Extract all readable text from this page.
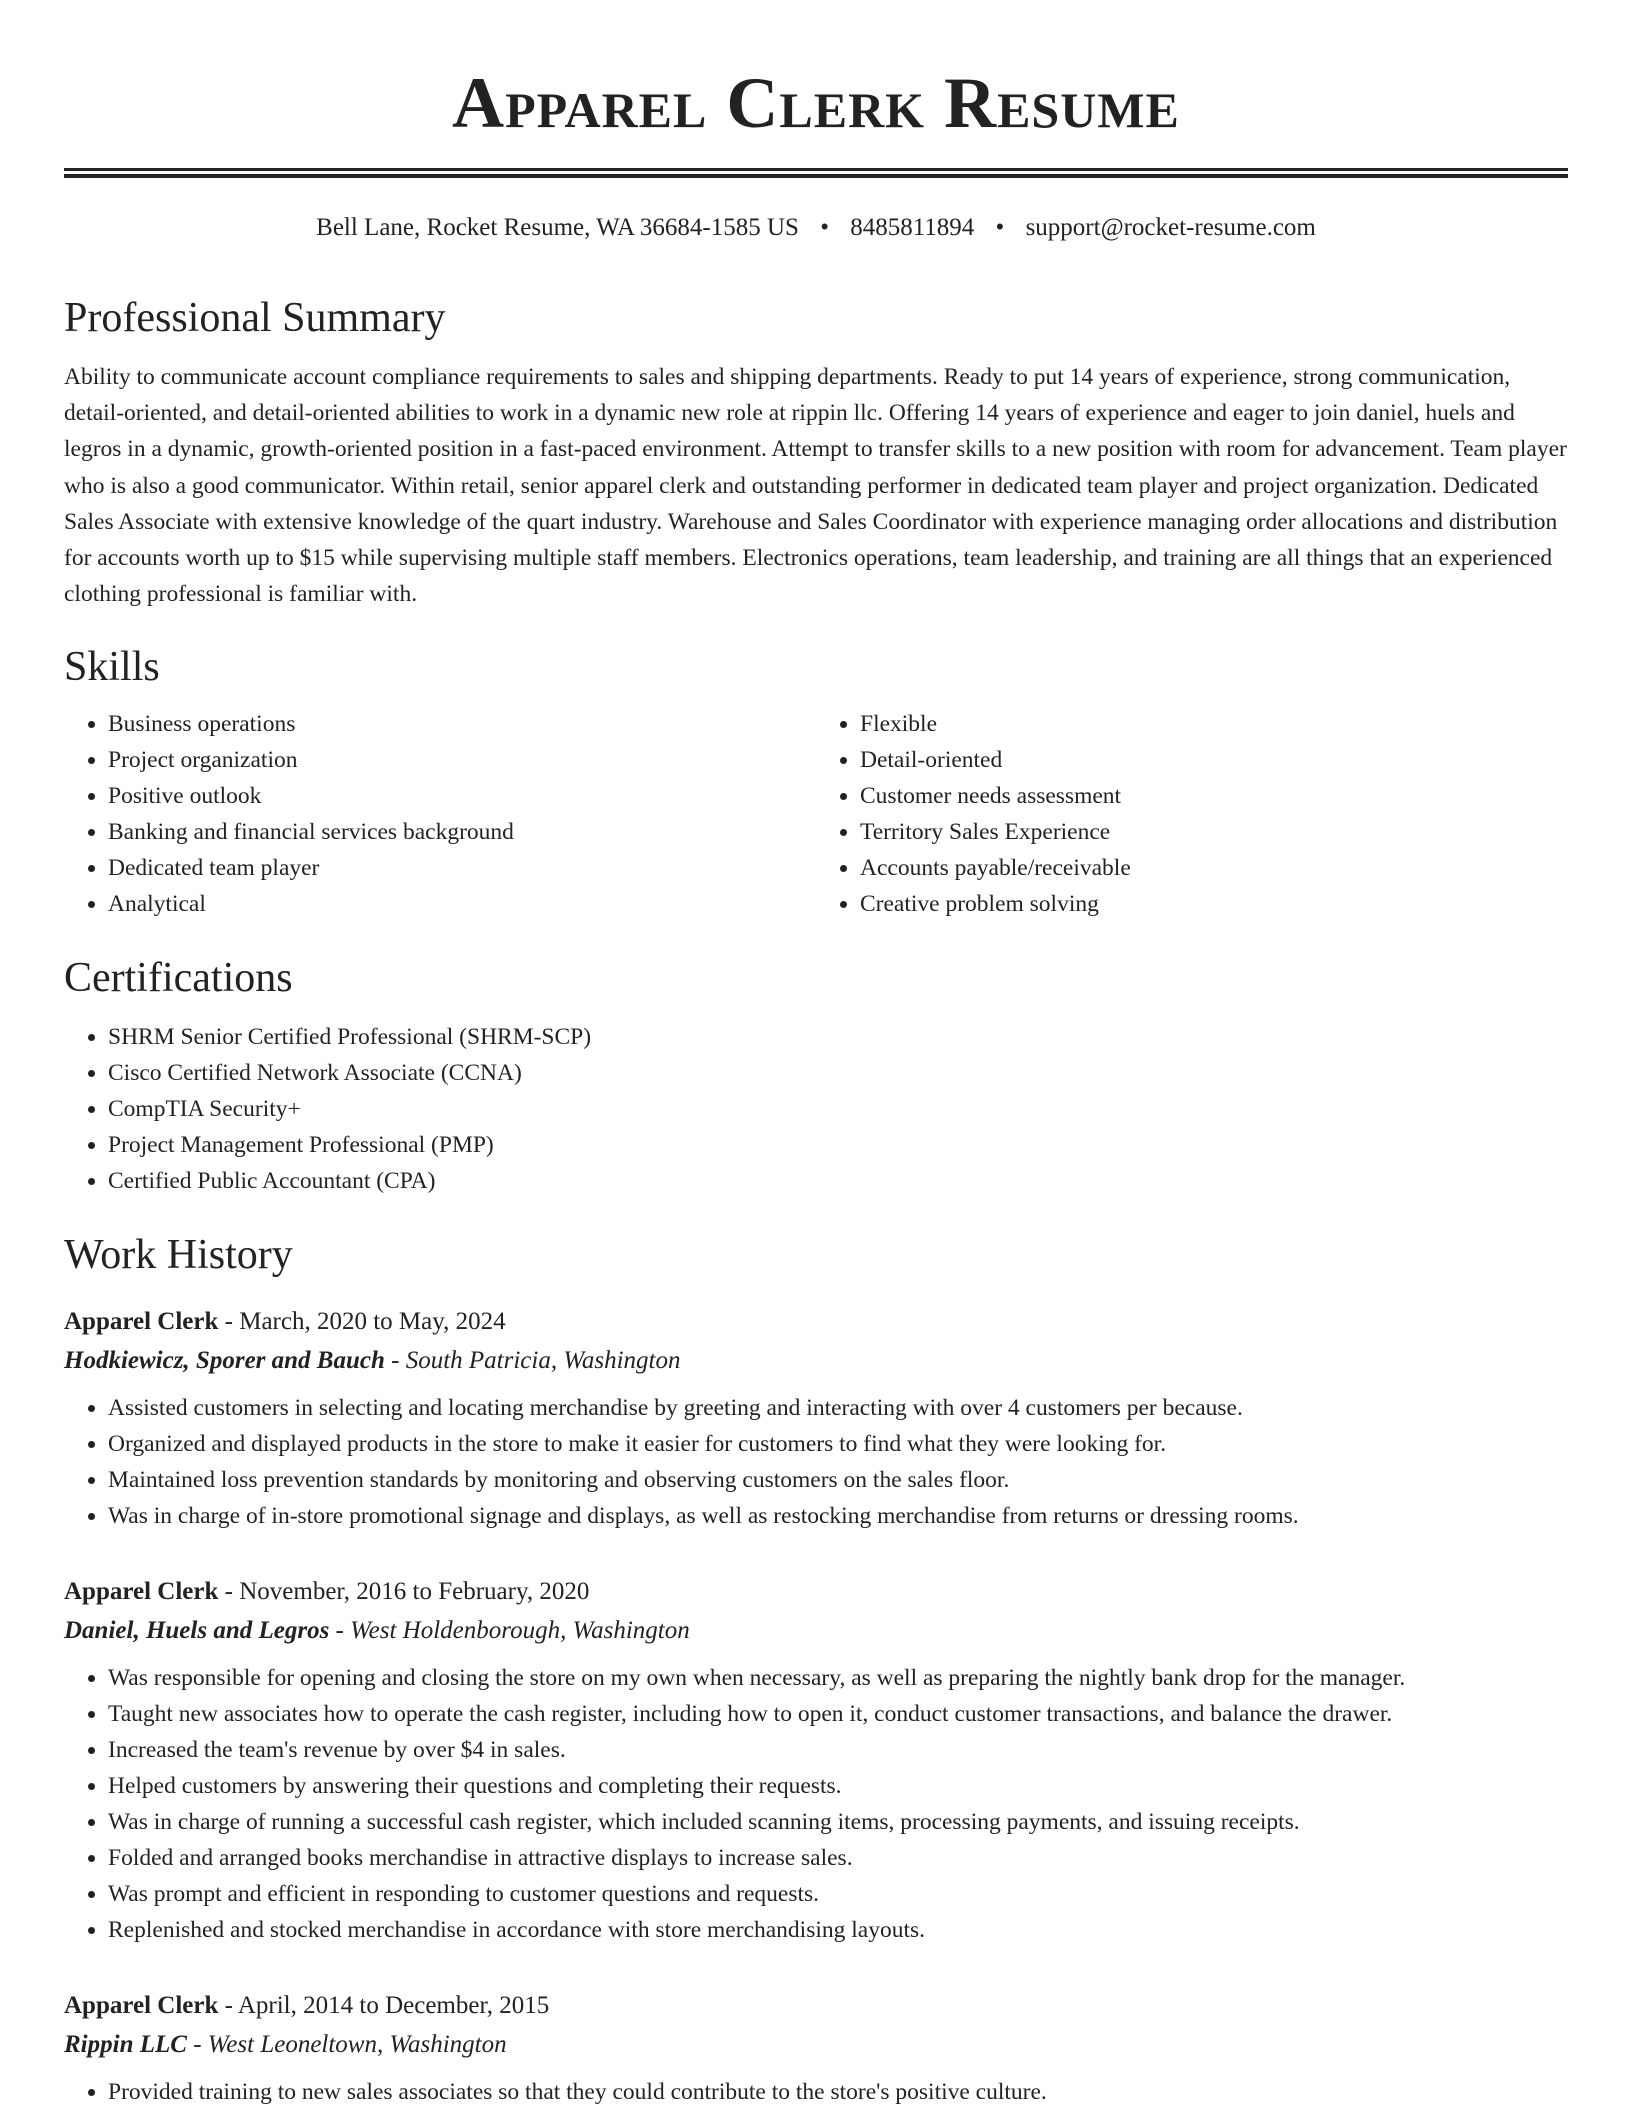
Apparel Clerk Resume
Bell Lane, Rocket Resume, WA 36684-1585 US • 8485811894 • support@rocket-resume.com
Professional Summary

Ability to communicate account compliance requirements to sales and shipping departments. Ready to put 14 years of experience, strong communication, detail-oriented, and detail-oriented abilities to work in a dynamic new role at rippin llc. Offering 14 years of experience and eager to join daniel, huels and legros in a dynamic, growth-oriented position in a fast-paced environment. Attempt to transfer skills to a new position with room for advancement. Team player who is also a good communicator. Within retail, senior apparel clerk and outstanding performer in dedicated team player and project organization. Dedicated Sales Associate with extensive knowledge of the quart industry. Warehouse and Sales Coordinator with experience managing order allocations and distribution for accounts worth up to $15 while supervising multiple staff members. Electronics operations, team leadership, and training are all things that an experienced clothing professional is familiar with.

Skills
• Business operations
• Project organization
• Positive outlook
• Banking and financial services background
• Dedicated team player
• Analytical
• Flexible
• Detail-oriented
• Customer needs assessment
• Territory Sales Experience
• Accounts payable/receivable
• Creative problem solving
Certifications
• SHRM Senior Certified Professional (SHRM-SCP)
• Cisco Certified Network Associate (CCNA)
• CompTIA Security+
• Project Management Professional (PMP)
• Certified Public Accountant (CPA)
Work History
Apparel Clerk - March, 2020 to May, 2024
Hodkiewicz, Sporer and Bauch - South Patricia, Washington
• Assisted customers in selecting and locating merchandise by greeting and interacting with over 4 customers per because.
• Organized and displayed products in the store to make it easier for customers to find what they were looking for.
• Maintained loss prevention standards by monitoring and observing customers on the sales floor.
• Was in charge of in-store promotional signage and displays, as well as restocking merchandise from returns or dressing rooms.
Apparel Clerk - November, 2016 to February, 2020
Daniel, Huels and Legros - West Holdenborough, Washington
• Was responsible for opening and closing the store on my own when necessary, as well as preparing the nightly bank drop for the manager.
• Taught new associates how to operate the cash register, including how to open it, conduct customer transactions, and balance the drawer.
• Increased the team's revenue by over $4 in sales.
• Helped customers by answering their questions and completing their requests.
• Was in charge of running a successful cash register, which included scanning items, processing payments, and issuing receipts.
• Folded and arranged books merchandise in attractive displays to increase sales.
• Was prompt and efficient in responding to customer questions and requests.
• Replenished and stocked merchandise in accordance with store merchandising layouts.
Apparel Clerk - April, 2014 to December, 2015
Rippin LLC - West Leoneltown, Washington
• Provided training to new sales associates so that they could contribute to the store's positive culture.
